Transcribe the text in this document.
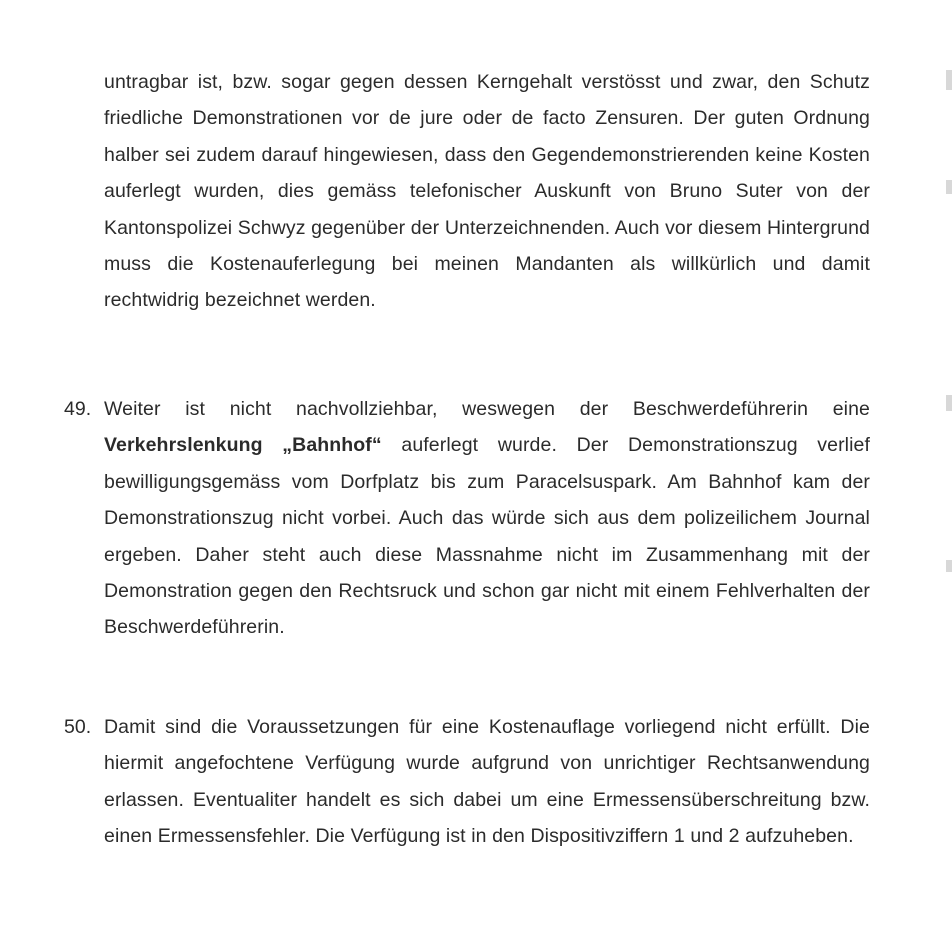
untragbar ist, bzw. sogar gegen dessen Kerngehalt verstösst und zwar, den Schutz friedliche Demonstrationen vor de jure oder de facto Zensuren. Der guten Ordnung halber sei zudem darauf hingewiesen, dass den Gegendemonstrierenden keine Kosten auferlegt wurden, dies gemäss telefonischer Auskunft von Bruno Suter von der Kantonspolizei Schwyz gegenüber der Unterzeichnenden. Auch vor diesem Hintergrund muss die Kostenauferlegung bei meinen Mandanten als willkürlich und damit rechtwidrig bezeichnet werden.

49. Weiter ist nicht nachvollziehbar, weswegen der Beschwerdeführerin eine Verkehrslenkung „Bahnhof“ auferlegt wurde. Der Demonstrationszug verlief bewilligungsgemäss vom Dorfplatz bis zum Paracelsuspark. Am Bahnhof kam der Demonstrationszug nicht vorbei. Auch das würde sich aus dem polizeilichem Journal ergeben. Daher steht auch diese Massnahme nicht im Zusammenhang mit der Demonstration gegen den Rechtsruck und schon gar nicht mit einem Fehlverhalten der Beschwerdeführerin.

50. Damit sind die Voraussetzungen für eine Kostenauflage vorliegend nicht erfüllt. Die hiermit angefochtene Verfügung wurde aufgrund von unrichtiger Rechtsanwendung erlassen. Eventualiter handelt es sich dabei um eine Ermessensüberschreitung bzw. einen Ermessensfehler. Die Verfügung ist in den Dispositivziffern 1 und 2 aufzuheben.
